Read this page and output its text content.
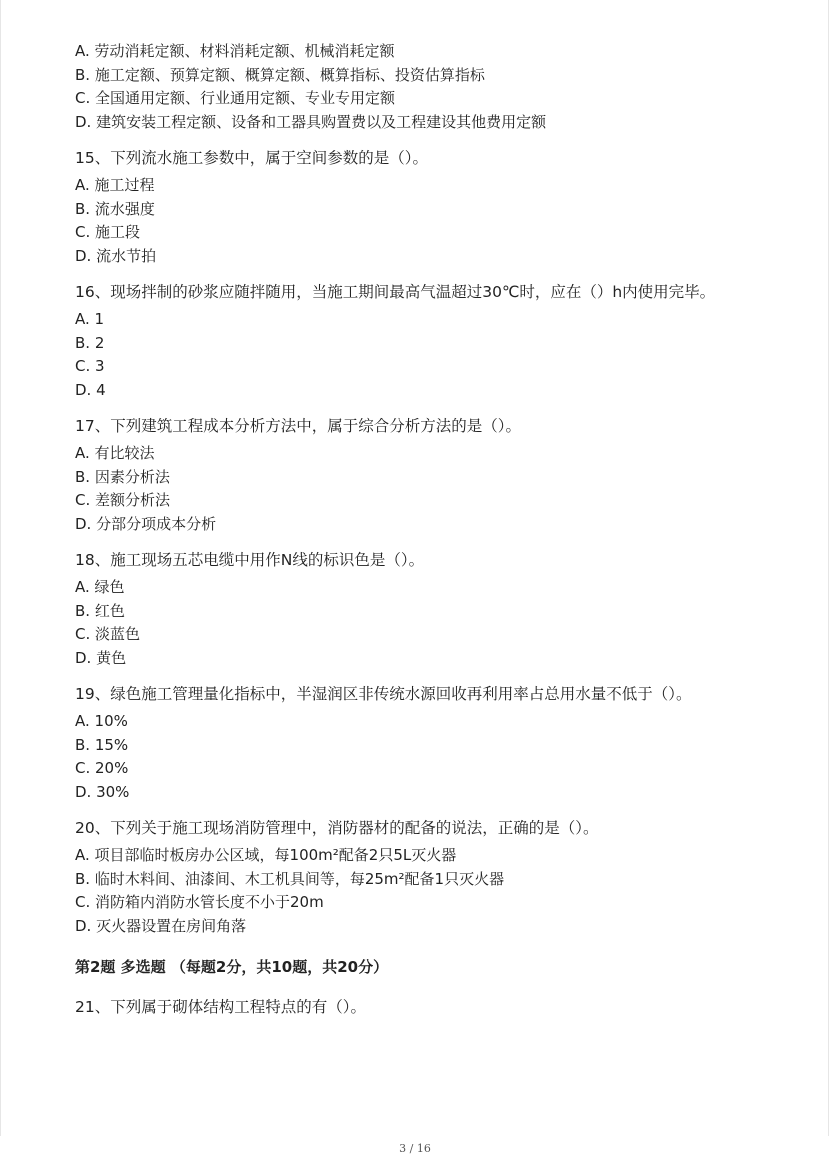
A. 劳动消耗定额、材料消耗定额、机械消耗定额

B. 施工定额、预算定额、概算定额、概算指标、投资估算指标

C. 全国通用定额、行业通用定额、专业专用定额

D. 建筑安装工程定额、设备和工器具购置费以及工程建设其他费用定额

15、下列流水施工参数中，属于空间参数的是（）。

A. 施工过程

B. 流水强度

C. 施工段

D. 流水节拍

16、现场拌制的砂浆应随拌随用，当施工期间最高气温超过30℃时，应在（）h内使用完毕。

A. 1

B. 2

C. 3

D. 4

17、下列建筑工程成本分析方法中，属于综合分析方法的是（）。

A. 有比较法

B. 因素分析法

C. 差额分析法

D. 分部分项成本分析

18、施工现场五芯电缆中用作N线的标识色是（）。

A. 绿色

B. 红色

C. 淡蓝色

D. 黄色

19、绿色施工管理量化指标中，半湿润区非传统水源回收再利用率占总用水量不低于（）。

A. 10%

B. 15%

C. 20%

D. 30%

20、下列关于施工现场消防管理中，消防器材的配备的说法，正确的是（）。

A. 项目部临时板房办公区域，每100m²配备2只5L灭火器

B. 临时木料间、油漆间、木工机具间等，每25m²配备1只灭火器

C. 消防箱内消防水管长度不小于20m

D. 灭火器设置在房间角落

第2题 多选题 （每题2分，共10题，共20分）

21、下列属于砌体结构工程特点的有（）。

3 / 16
